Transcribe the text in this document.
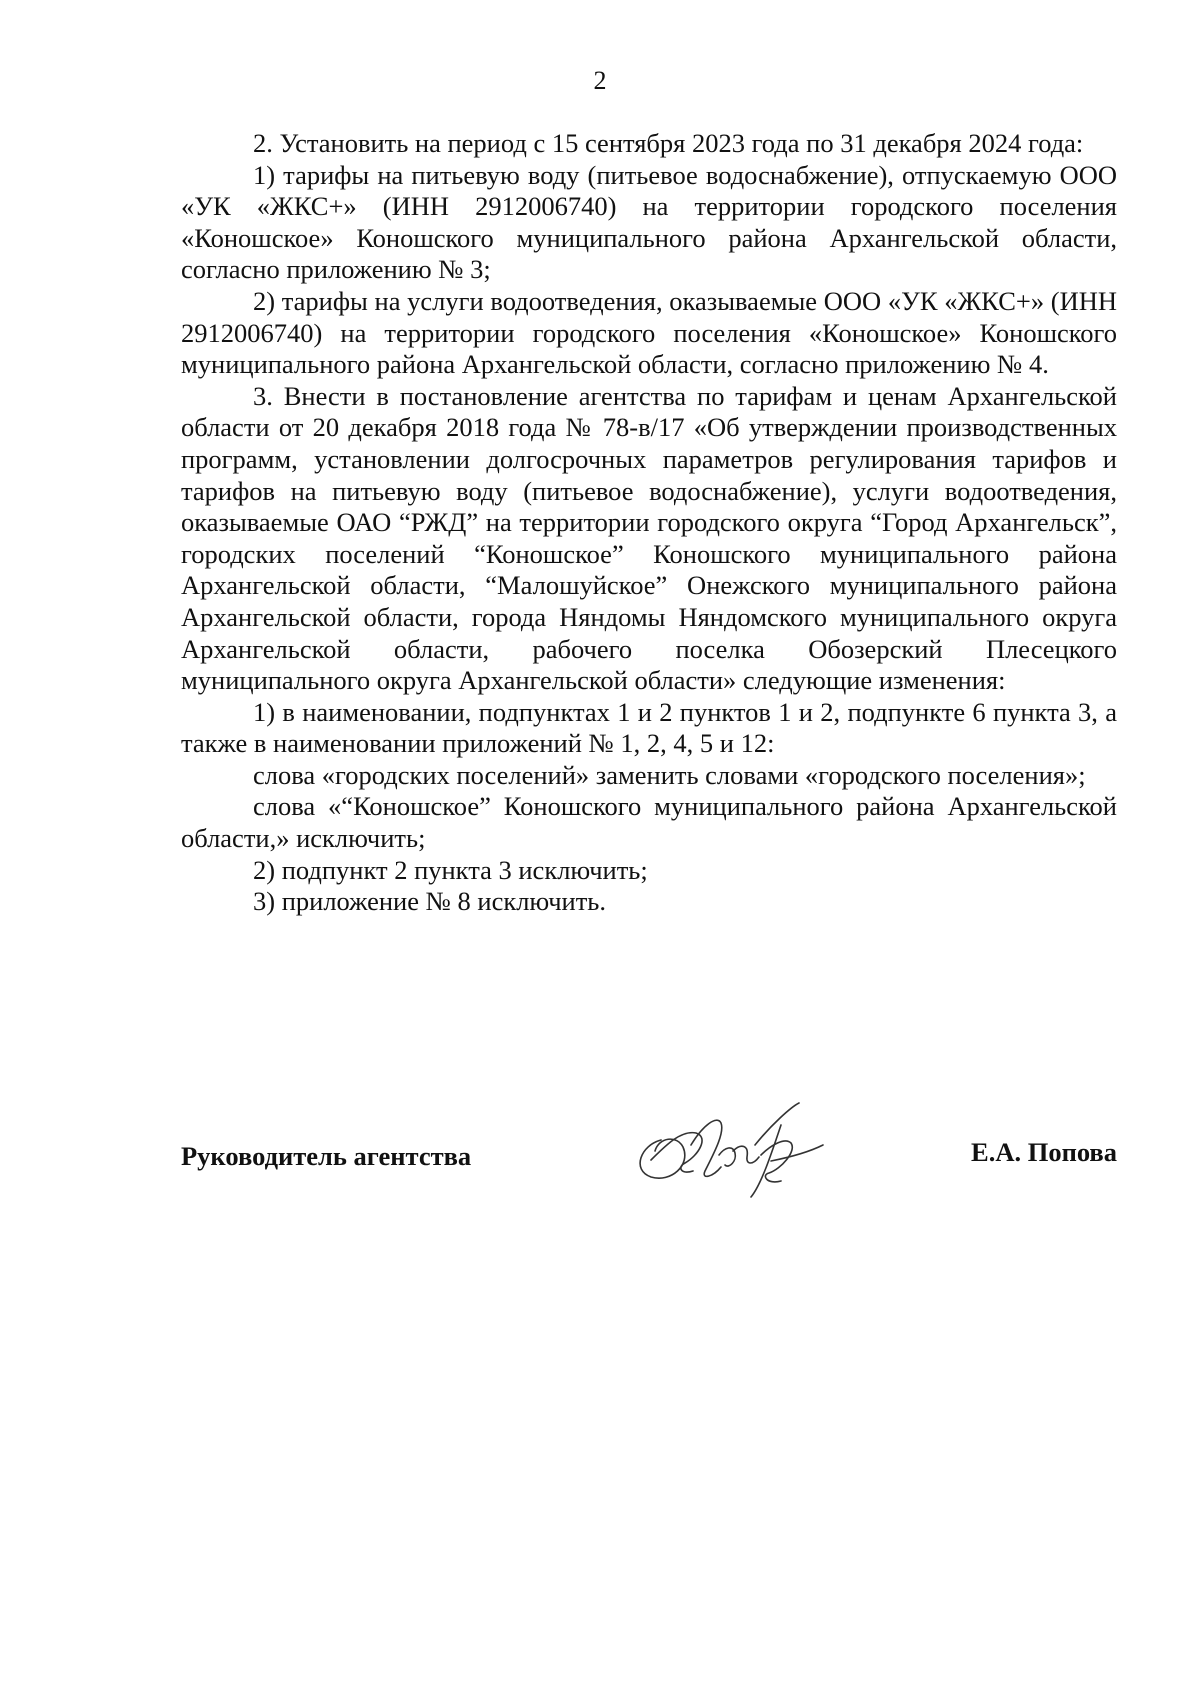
2

2. Установить на период с 15 сентября 2023 года по 31 декабря 2024 года:

1) тарифы на питьевую воду (питьевое водоснабжение), отпускаемую ООО «УК «ЖКС+» (ИНН 2912006740) на территории городского поселения «Коношское» Коношского муниципального района Архангельской области, согласно приложению № 3;

2) тарифы на услуги водоотведения, оказываемые ООО «УК «ЖКС+» (ИНН 2912006740) на территории городского поселения «Коношское» Коношского муниципального района Архангельской области, согласно приложению № 4.

3. Внести в постановление агентства по тарифам и ценам Архангельской области от 20 декабря 2018 года № 78-в/17 «Об утверждении производственных программ, установлении долгосрочных параметров регулирования тарифов и тарифов на питьевую воду (питьевое водоснабжение), услуги водоотведения, оказываемые ОАО “РЖД” на территории городского округа “Город Архангельск”, городских поселений “Коношское” Коношского муниципального района Архангельской области, “Малошуйское” Онежского муниципального района Архангельской области, города Няндомы Няндомского муниципального округа Архангельской области, рабочего поселка Обозерский Плесецкого муниципального округа Архангельской области» следующие изменения:

1) в наименовании, подпунктах 1 и 2 пунктов 1 и 2, подпункте 6 пункта 3, а также в наименовании приложений № 1, 2, 4, 5 и 12:

слова «городских поселений» заменить словами «городского поселения»;

слова «“Коношское” Коношского муниципального района Архангельской области,» исключить;

2) подпункт 2 пункта 3 исключить;

3) приложение № 8 исключить.

Руководитель агентства	Е.А. Попова
